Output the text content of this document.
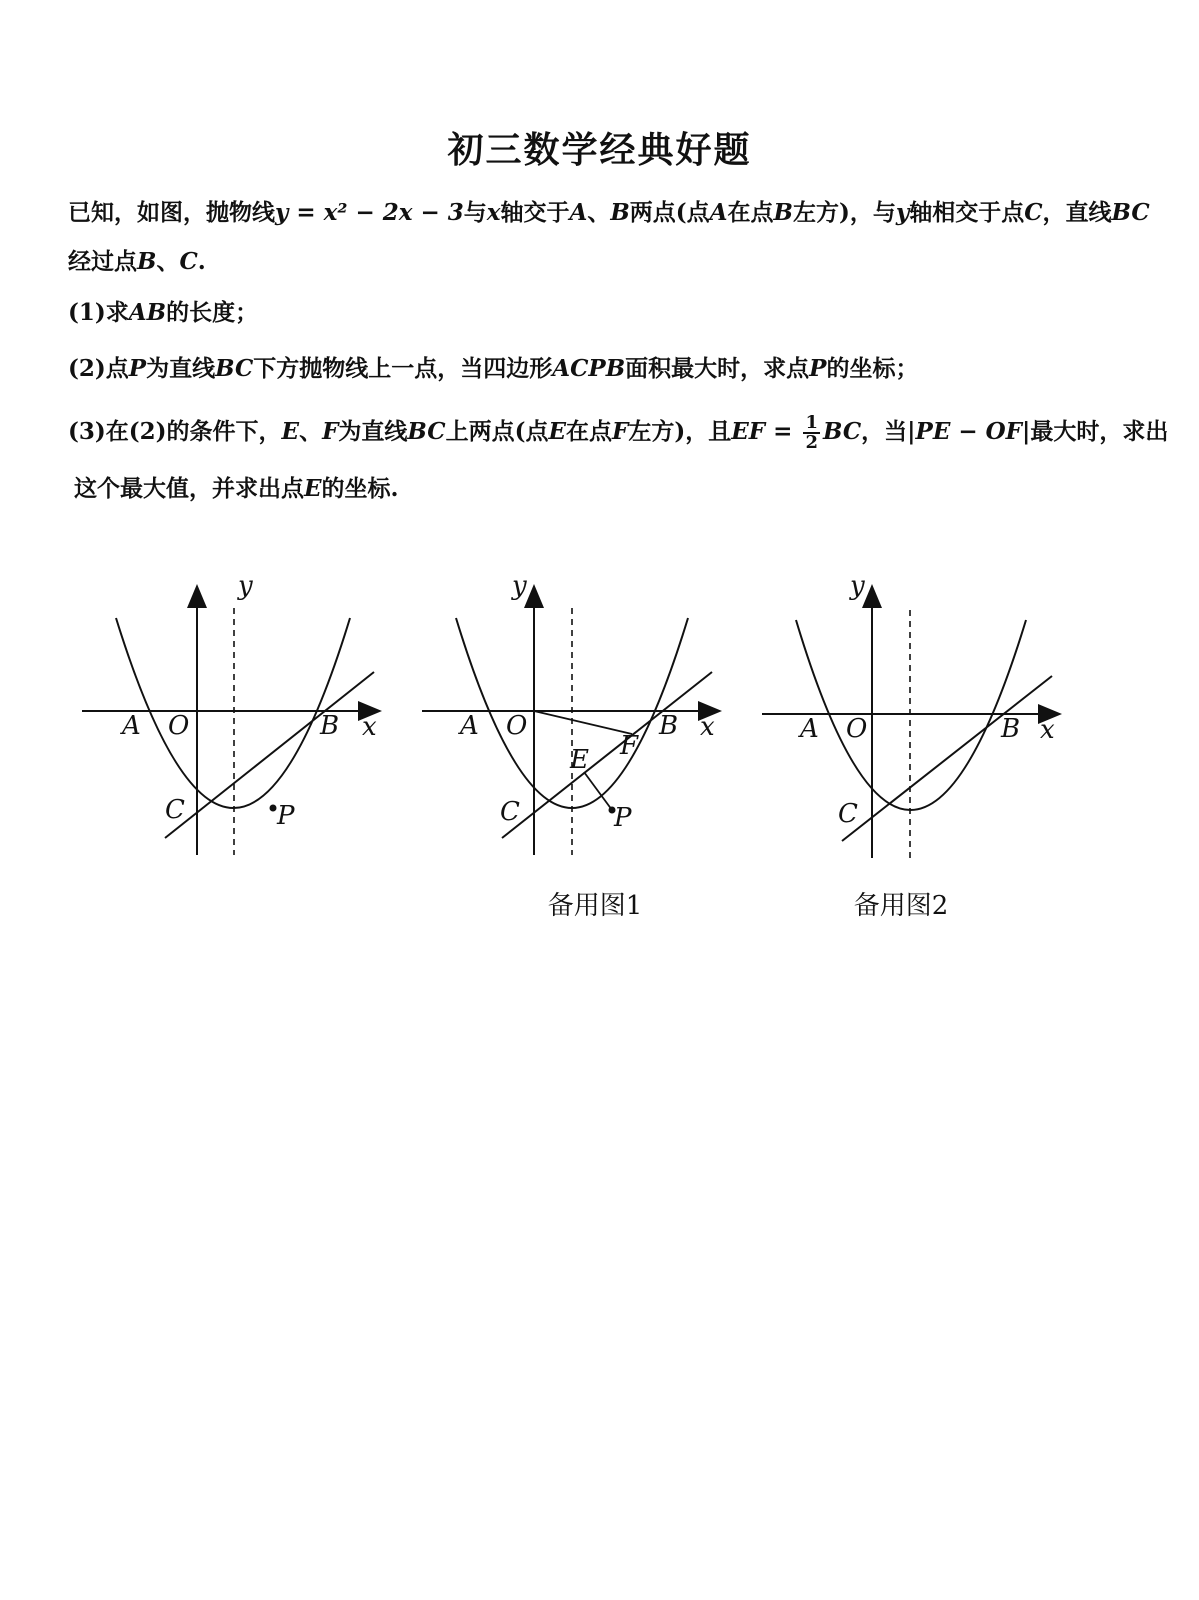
初三数学经典好题
已知，如图，抛物线y = x² − 2x − 3与x轴交于A、B两点(点A在点B左方)，与y轴相交于点C，直线BC
经过点B、C.
(1)求AB的长度；
(2)点P为直线BC下方抛物线上一点，当四边形ACPB面积最大时，求点P的坐标；
(3)在(2)的条件下，E、F为直线BC上两点(点E在点F左方)，且EF = $\frac{1}{2}$ BC，当|PE − OF|最大时，求出
这个最大值，并求出点E的坐标.
y
x
A O	B
C	P
y
x
A O	B
C
E F
P
y
x
A O	B
C
备用图1	备用图2
